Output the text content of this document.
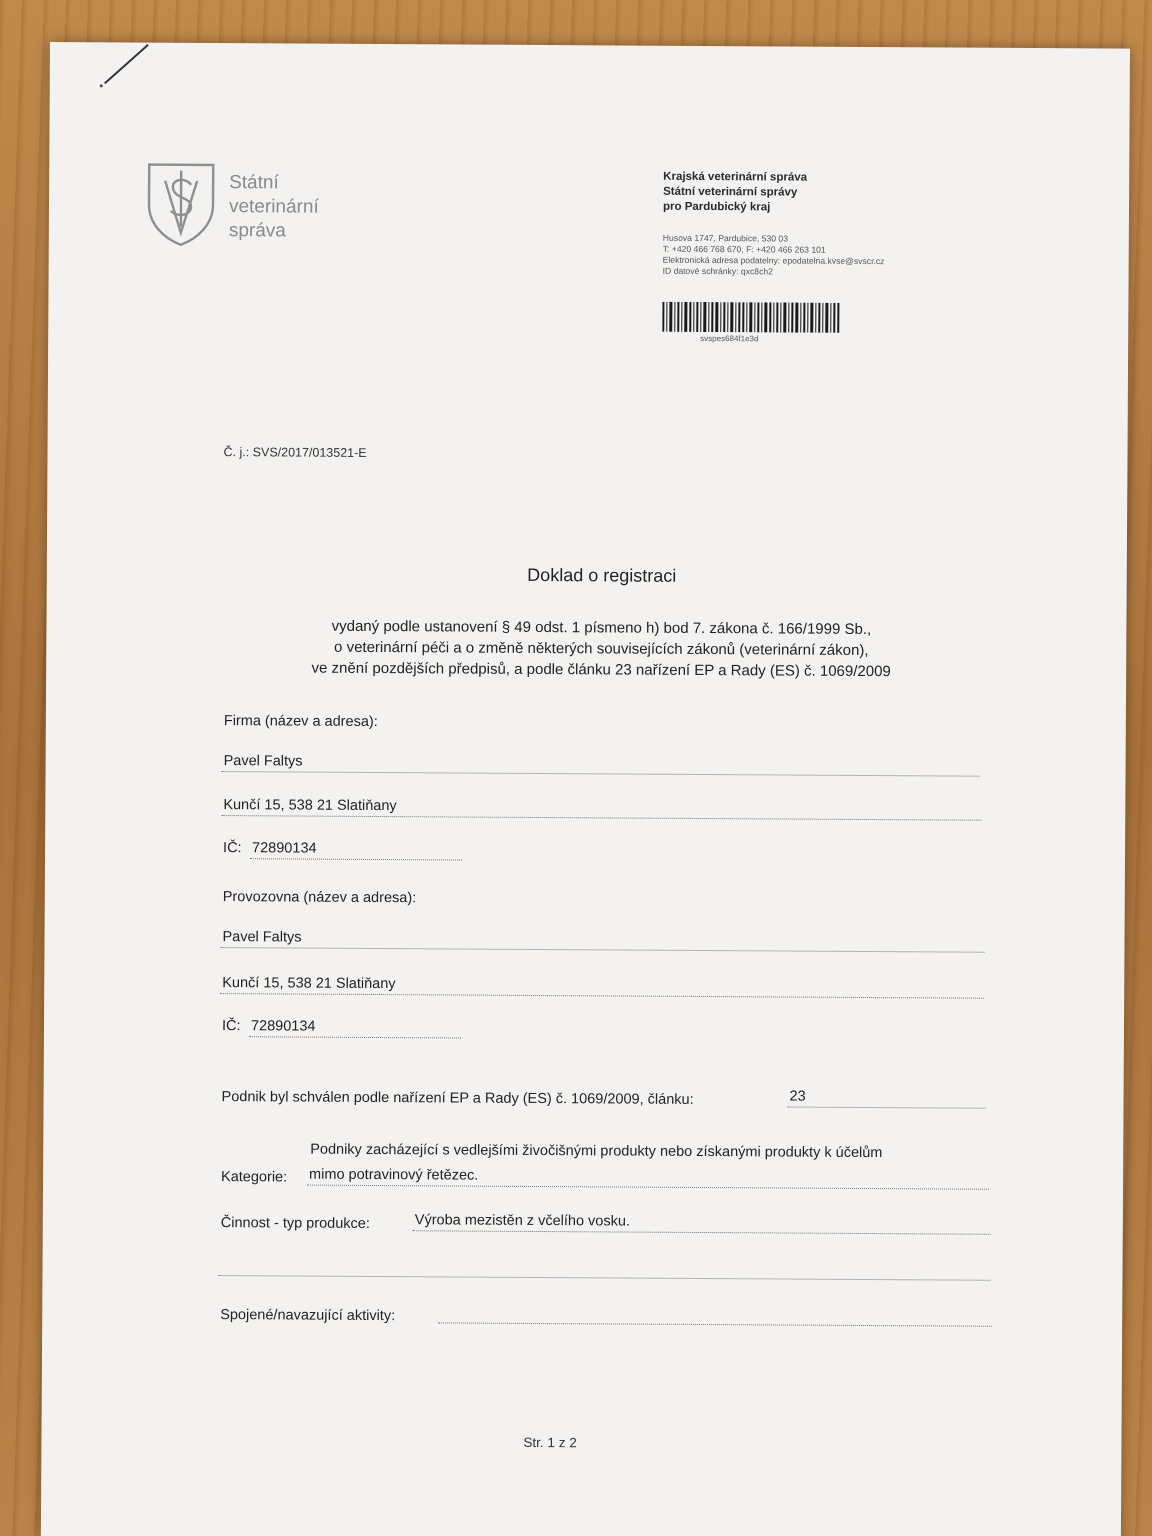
Státní
veterinární
správa
Krajská veterinární správa
Státní veterinární správy
pro Pardubický kraj
Husova 1747, Pardubice, 530 03
T: +420 466 768 670, F: +420 466 263 101
Elektronická adresa podatelny: epodatelna.kvse@svscr.cz
ID datové schránky: qxc8ch2
svspes684f1e3d
Č. j.: SVS/2017/013521-E
Doklad o registraci
vydaný podle ustanovení § 49 odst. 1 písmeno h) bod 7. zákona č. 166/1999 Sb.,
o veterinární péči a o změně některých souvisejících zákonů (veterinární zákon),
ve znění pozdějších předpisů, a podle článku 23 nařízení EP a Rady (ES) č. 1069/2009
Firma (název a adresa):
Pavel Faltys
Kunčí 15, 538 21 Slatiňany
IČ: 72890134
Provozovna (název a adresa):
Pavel Faltys
Kunčí 15, 538 21 Slatiňany
IČ: 72890134
Podnik byl schválen podle nařízení EP a Rady (ES) č. 1069/2009, článku:	23
Podniky zacházející s vedlejšími živočišnými produkty nebo získanými produkty k účelům
Kategorie: mimo potravinový řetězec.
Činnost - typ produkce:	Výroba mezistěn z včelího vosku.
Spojené/navazující aktivity:
Str. 1 z 2
